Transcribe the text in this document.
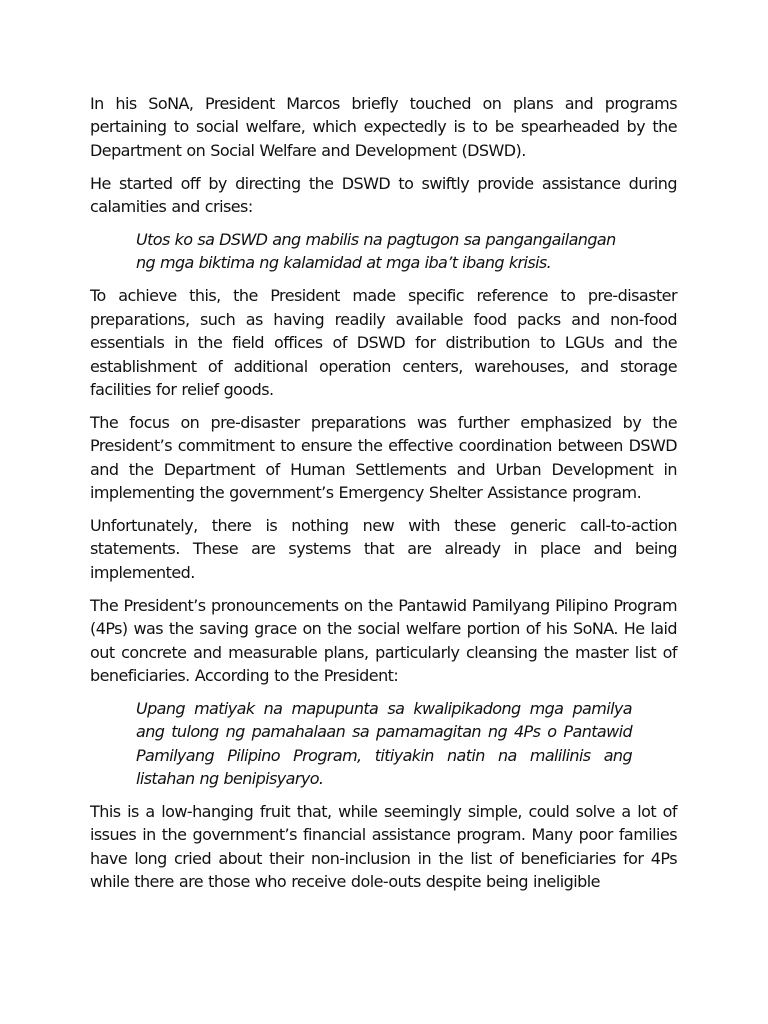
In his SoNA, President Marcos briefly touched on plans and programs pertaining to social welfare, which expectedly is to be spearheaded by the Department on Social Welfare and Development (DSWD).

He started off by directing the DSWD to swiftly provide assistance during calamities and crises:

Utos ko sa DSWD ang mabilis na pagtugon sa pangangailangan ng mga biktima ng kalamidad at mga iba’t ibang krisis.

To achieve this, the President made specific reference to pre-disaster preparations, such as having readily available food packs and non-food essentials in the field offices of DSWD for distribution to LGUs and the establishment of additional operation centers, warehouses, and storage facilities for relief goods.

The focus on pre-disaster preparations was further emphasized by the President’s commitment to ensure the effective coordination between DSWD and the Department of Human Settlements and Urban Development in implementing the government’s Emergency Shelter Assistance program.

Unfortunately, there is nothing new with these generic call-to-action statements. These are systems that are already in place and being implemented.

The President’s pronouncements on the Pantawid Pamilyang Pilipino Program (4Ps) was the saving grace on the social welfare portion of his SoNA. He laid out concrete and measurable plans, particularly cleansing the master list of beneficiaries. According to the President:

Upang matiyak na mapupunta sa kwalipikadong mga pamilya ang tulong ng pamahalaan sa pamamagitan ng 4Ps o Pantawid Pamilyang Pilipino Program, titiyakin natin na malilinis ang listahan ng benipisyaryo.

This is a low-hanging fruit that, while seemingly simple, could solve a lot of issues in the government’s financial assistance program. Many poor families have long cried about their non-inclusion in the list of beneficiaries for 4Ps while there are those who receive dole-outs despite being ineligible
